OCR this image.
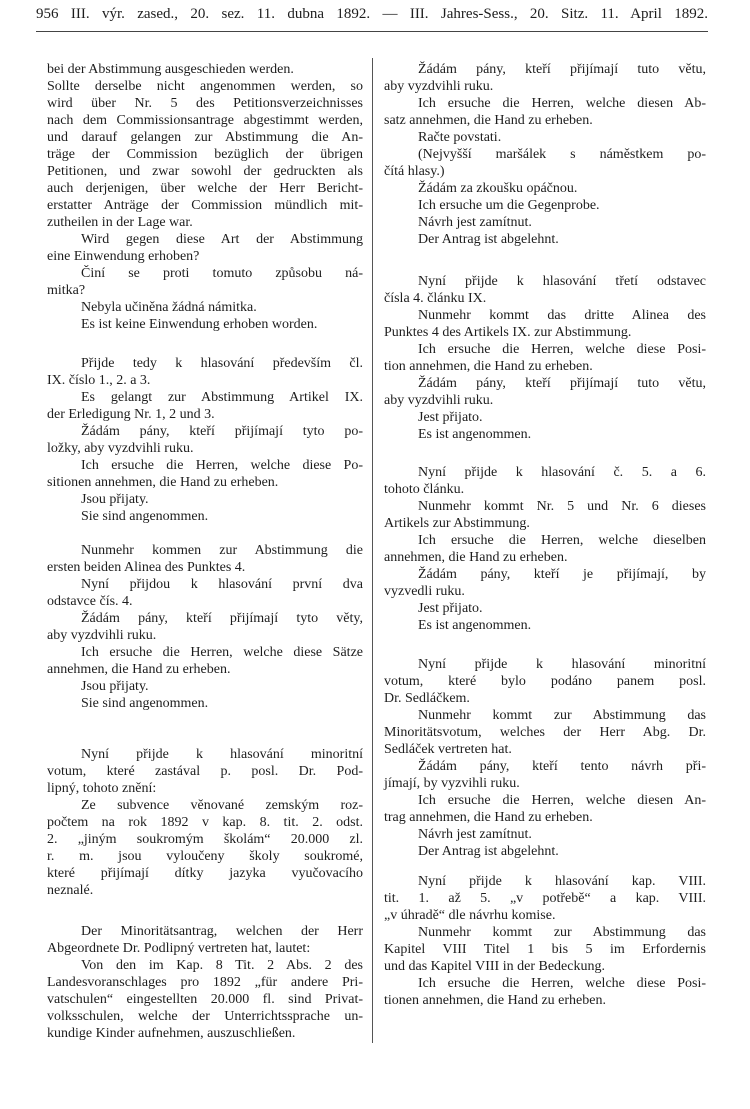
956 III. výr. zased., 20. sez. 11. dubna 1892. — III. Jahres-Sess., 20. Sitz. 11. April 1892.
bei der Abstimmung ausgeschieden werden.
Sollte derselbe nicht angenommen werden, so
wird über Nr. 5 des Petitionsverzeichnisses
nach dem Commissionsantrage abgestimmt werden,
und darauf gelangen zur Abstimmung die An-
träge der Commission bezüglich der übrigen
Petitionen, und zwar sowohl der gedruckten als
auch derjenigen, über welche der Herr Bericht-
erstatter Anträge der Commission mündlich mit-
zutheilen in der Lage war.
Wird gegen diese Art der Abstimmung
eine Einwendung erhoben?
Činí se proti tomuto způsobu ná-
mitka?
Nebyla učiněna žádná námitka.
Es ist keine Einwendung erhoben worden.
Přijde tedy k hlasování především čl.
IX. číslo 1., 2. a 3.
Es gelangt zur Abstimmung Artikel IX.
der Erledigung Nr. 1, 2 und 3.
Žádám pány, kteří přijímají tyto po-
ložky, aby vyzdvihli ruku.
Ich ersuche die Herren, welche diese Po-
sitionen annehmen, die Hand zu erheben.
Jsou přijaty.
Sie sind angenommen.
Nunmehr kommen zur Abstimmung die
ersten beiden Alinea des Punktes 4.
Nyní přijdou k hlasování první dva
odstavce čís. 4.
Žádám pány, kteří přijímají tyto věty,
aby vyzdvihli ruku.
Ich ersuche die Herren, welche diese Sätze
annehmen, die Hand zu erheben.
Jsou přijaty.
Sie sind angenommen.
Nyní přijde k hlasování minoritní
votum, které zastával p. posl. Dr. Pod-
lipný, tohoto znění:
Ze subvence věnované zemským roz-
počtem na rok 1892 v kap. 8. tit. 2. odst.
2. „jiným soukromým školám“ 20.000 zl.
r. m. jsou vyloučeny školy soukromé,
které přijímají dítky jazyka vyučovacího
neznalé.
Der Minoritätsantrag, welchen der Herr
Abgeordnete Dr. Podlipný vertreten hat, lautet:
Von den im Kap. 8 Tit. 2 Abs. 2 des
Landesvoranschlages pro 1892 „für andere Pri-
vatschulen“ eingestellten 20.000 fl. sind Privat-
volksschulen, welche der Unterrichtssprache un-
kundige Kinder aufnehmen, auszuschließen.
Žádám pány, kteří přijímají tuto větu,
aby vyzdvihli ruku.
Ich ersuche die Herren, welche diesen Ab-
satz annehmen, die Hand zu erheben.
Račte povstati.
(Nejvyšší maršálek s náměstkem po-
čítá hlasy.)
Žádám za zkoušku opáčnou.
Ich ersuche um die Gegenprobe.
Návrh jest zamítnut.
Der Antrag ist abgelehnt.
Nyní přijde k hlasování třetí odstavec
čísla 4. článku IX.
Nunmehr kommt das dritte Alinea des
Punktes 4 des Artikels IX. zur Abstimmung.
Ich ersuche die Herren, welche diese Posi-
tion annehmen, die Hand zu erheben.
Žádám pány, kteří přijímají tuto větu,
aby vyzdvihli ruku.
Jest přijato.
Es ist angenommen.
Nyní přijde k hlasování č. 5. a 6.
tohoto článku.
Nunmehr kommt Nr. 5 und Nr. 6 dieses
Artikels zur Abstimmung.
Ich ersuche die Herren, welche dieselben
annehmen, die Hand zu erheben.
Žádám pány, kteří je přijímají, by
vyzvedli ruku.
Jest přijato.
Es ist angenommen.
Nyní přijde k hlasování minoritní
votum, které bylo podáno panem posl.
Dr. Sedláčkem.
Nunmehr kommt zur Abstimmung das
Minoritätsvotum, welches der Herr Abg. Dr.
Sedláček vertreten hat.
Žádám pány, kteří tento návrh při-
jímají, by vyzvihli ruku.
Ich ersuche die Herren, welche diesen An-
trag annehmen, die Hand zu erheben.
Návrh jest zamítnut.
Der Antrag ist abgelehnt.
Nyní přijde k hlasování kap. VIII.
tit. 1. až 5. „v potřebě“ a kap. VIII.
„v úhradě“ dle návrhu komise.
Nunmehr kommt zur Abstimmung das
Kapitel VIII Titel 1 bis 5 im Erfordernis
und das Kapitel VIII in der Bedeckung.
Ich ersuche die Herren, welche diese Posi-
tionen annehmen, die Hand zu erheben.
